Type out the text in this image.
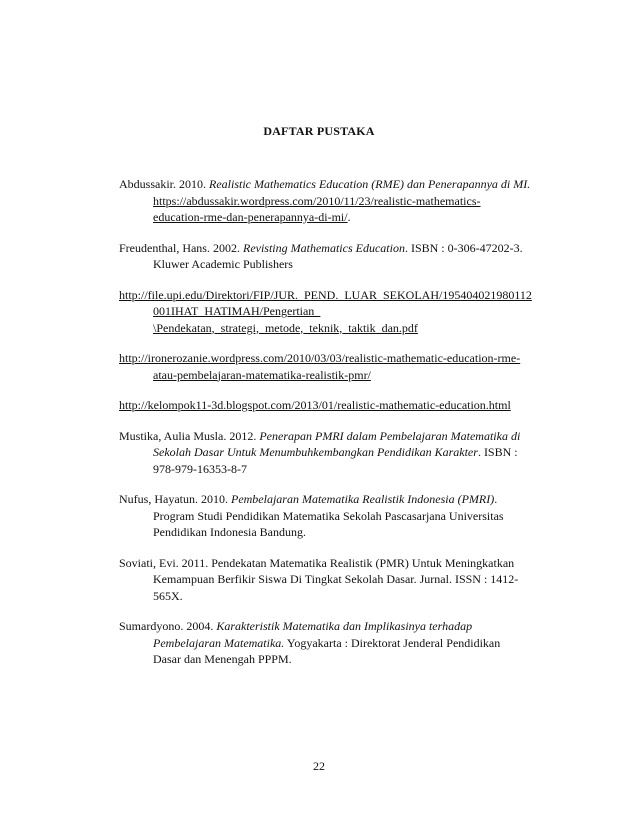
DAFTAR PUSTAKA
Abdussakir. 2010. Realistic Mathematics Education (RME) dan Penerapannya di MI.
https://abdussakir.wordpress.com/2010/11/23/realistic-mathematics-
education-rme-dan-penerapannya-di-mi/.
Freudenthal, Hans. 2002. Revisting Mathematics Education. ISBN : 0-306-47202-3.
Kluwer Academic Publishers
http://file.upi.edu/Direktori/FIP/JUR._PEND._LUAR_SEKOLAH/195404021980112
001IHAT_HATIMAH/Pengertian_
\Pendekatan,_strategi,_metode,_teknik,_taktik_dan.pdf
http://ironerozanie.wordpress.com/2010/03/03/realistic-mathematic-education-rme-
atau-pembelajaran-matematika-realistik-pmr/
http://kelompok11-3d.blogspot.com/2013/01/realistic-mathematic-education.html
Mustika, Aulia Musla. 2012. Penerapan PMRI dalam Pembelajaran Matematika di
Sekolah Dasar Untuk Menumbuhkembangkan Pendidikan Karakter. ISBN :
978-979-16353-8-7
Nufus, Hayatun. 2010. Pembelajaran Matematika Realistik Indonesia (PMRI).
Program Studi Pendidikan Matematika Sekolah Pascasarjana Universitas
Pendidikan Indonesia Bandung.
Soviati, Evi. 2011. Pendekatan Matematika Realistik (PMR) Untuk Meningkatkan
Kemampuan Berfikir Siswa Di Tingkat Sekolah Dasar. Jurnal. ISSN : 1412-
565X.
Sumardyono. 2004. Karakteristik Matematika dan Implikasinya terhadap
Pembelajaran Matematika. Yogyakarta : Direktorat Jenderal Pendidikan
Dasar dan Menengah PPPM.
22
